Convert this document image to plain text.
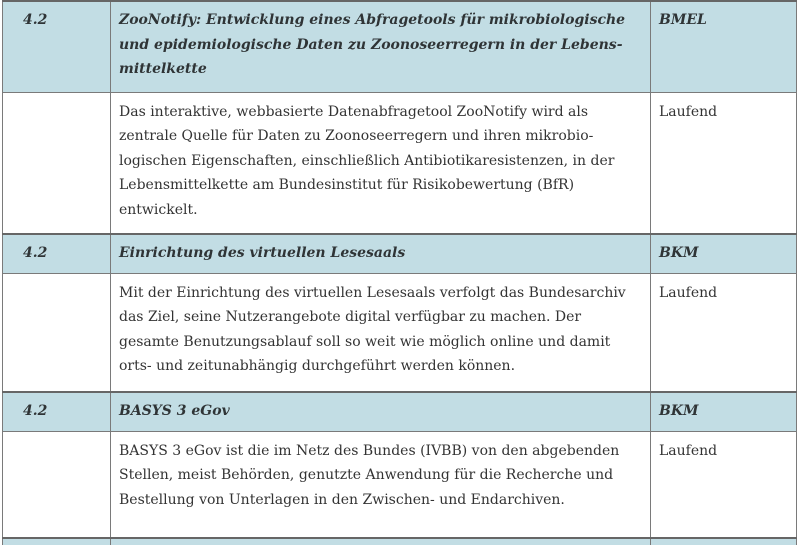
4.2	ZooNotify: Entwicklung eines Abfragetools für mikrobiologische
und epidemiologische Daten zu Zoonoseerregern in der Lebens-
mittelkette	BMEL
	Das interaktive, webbasierte Datenabfragetool ZooNotify wird als zentrale Quelle für Daten zu Zoonoseerregern und ihren mikrobiologischen Eigenschaften, einschließlich Antibiotikaresistenzen, in der Lebensmittelkette am Bundesinstitut für Risikobewertung (BfR) entwickelt.	Laufend
4.2	Einrichtung des virtuellen Lesesaals	BKM
	Mit der Einrichtung des virtuellen Lesesaals verfolgt das Bundesarchiv das Ziel, seine Nutzerangebote digital verfügbar zu machen. Der gesamte Benutzungsablauf soll so weit wie möglich online und damit orts- und zeitunabhängig durchgeführt werden können.	Laufend
4.2	BASYS 3 eGov	BKM
	BASYS 3 eGov ist die im Netz des Bundes (IVBB) von den abgebenden Stellen, meist Behörden, genutzte Anwendung für die Recherche und Bestellung von Unterlagen in den Zwischen- und Endarchiven.	Laufend
